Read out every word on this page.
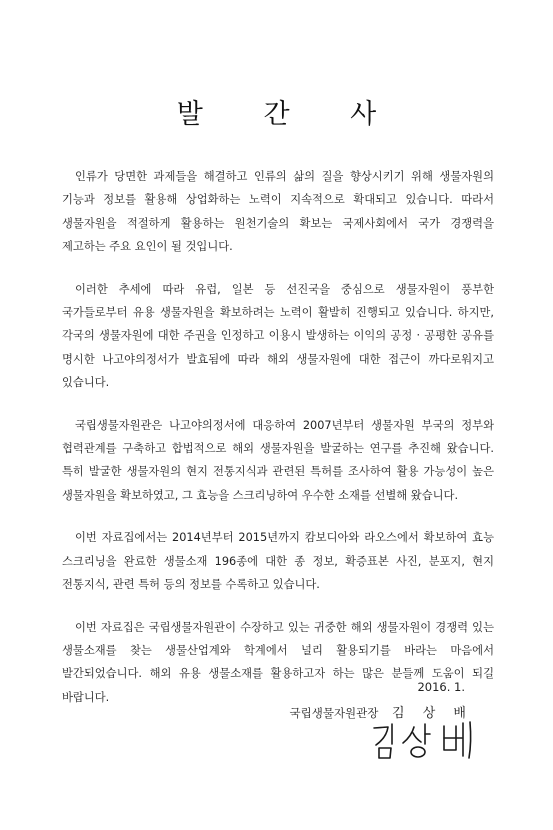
발 간 사

인류가 당면한 과제들을 해결하고 인류의 삶의 질을 향상시키기 위해 생물자원의 기능과 정보를 활용해 상업화하는 노력이 지속적으로 확대되고 있습니다. 따라서 생물자원을 적절하게 활용하는 원천기술의 확보는 국제사회에서 국가 경쟁력을 제고하는 주요 요인이 될 것입니다.

이러한 추세에 따라 유럽, 일본 등 선진국을 중심으로 생물자원이 풍부한 국가들로부터 유용 생물자원을 확보하려는 노력이 활발히 진행되고 있습니다. 하지만, 각국의 생물자원에 대한 주권을 인정하고 이용시 발생하는 이익의 공정 · 공평한 공유를 명시한 나고야의정서가 발효됨에 따라 해외 생물자원에 대한 접근이 까다로워지고 있습니다.

국립생물자원관은 나고야의정서에 대응하여 2007년부터 생물자원 부국의 정부와 협력관계를 구축하고 합법적으로 해외 생물자원을 발굴하는 연구를 추진해 왔습니다. 특히 발굴한 생물자원의 현지 전통지식과 관련된 특허를 조사하여 활용 가능성이 높은 생물자원을 확보하였고, 그 효능을 스크리닝하여 우수한 소재를 선별해 왔습니다.

이번 자료집에서는 2014년부터 2015년까지 캄보디아와 라오스에서 확보하여 효능 스크리닝을 완료한 생물소재 196종에 대한 종 정보, 확증표본 사진, 분포지, 현지 전통지식, 관련 특허 등의 정보를 수록하고 있습니다.

이번 자료집은 국립생물자원관이 수장하고 있는 귀중한 해외 생물자원이 경쟁력 있는 생물소재를 찾는 생물산업계와 학계에서 널리 활용되기를 바라는 마음에서 발간되었습니다. 해외 유용 생물소재를 활용하고자 하는 많은 분들께 도움이 되길 바랍니다.

2016. 1.
국립생물자원관장 김 상 배
